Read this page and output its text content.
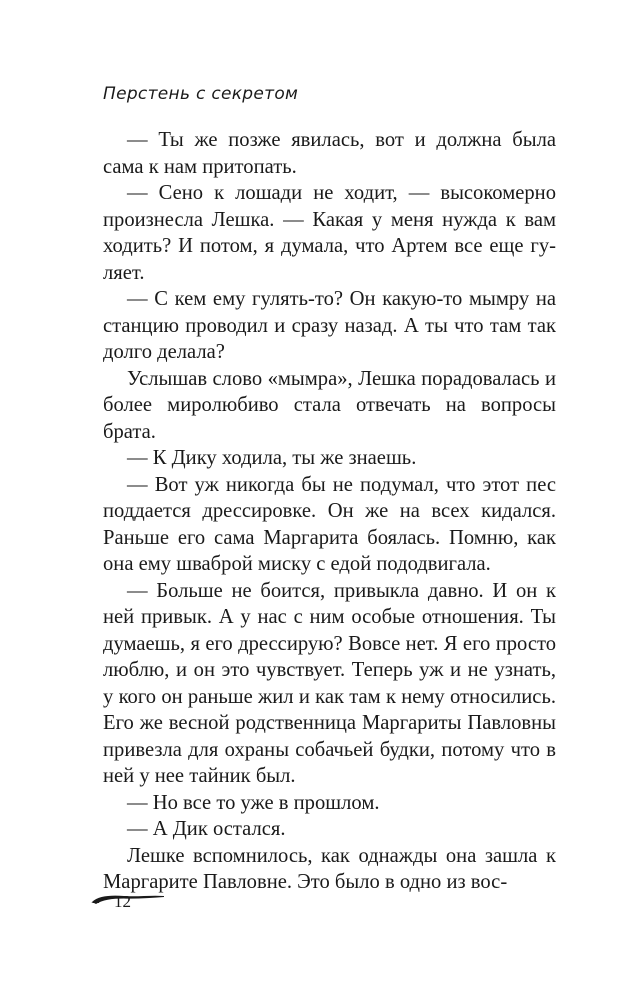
Перстень с секретом

— Ты же позже явилась, вот и должна была сама к нам притопать.

— Сено к лошади не ходит, — высокомерно произнесла Лешка. — Какая у меня нужда к вам ходить? И потом, я думала, что Артем все еще гуляет.

— С кем ему гулять-то? Он какую-то мымру на станцию проводил и сразу назад. А ты что там так долго делала?

Услышав слово «мымра», Лешка порадовалась и более миролюбиво стала отвечать на вопросы брата.

— К Дику ходила, ты же знаешь.

— Вот уж никогда бы не подумал, что этот пес поддается дрессировке. Он же на всех кидался. Раньше его сама Маргарита боялась. Помню, как она ему шваброй миску с едой пододвигала.

— Больше не боится, привыкла давно. И он к ней привык. А у нас с ним особые отношения. Ты думаешь, я его дрессирую? Вовсе нет. Я его просто люблю, и он это чувствует. Теперь уж и не узнать, у кого он раньше жил и как там к нему относились. Его же весной родственница Маргариты Павловны привезла для охраны собачьей будки, потому что в ней у нее тайник был.

— Но все то уже в прошлом.

— А Дик остался.

Лешке вспомнилось, как однажды она зашла к Маргарите Павловне. Это было в одно из вос-

12
